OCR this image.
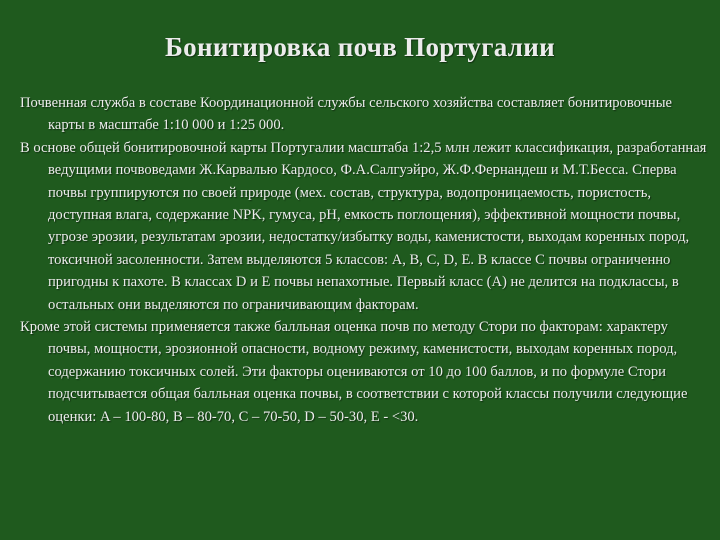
Бонитировка почв Португалии

Почвенная служба в составе Координационной службы сельского хозяйства составляет бонитировочные карты в масштабе 1:10 000 и 1:25 000.

В основе общей бонитировочной карты Португалии масштаба 1:2,5 млн лежит классификация, разработанная ведущими почвоведами Ж.Карвалью Кардосо, Ф.А.Салгуэйро, Ж.Ф.Фернандеш и М.Т.Бесса. Сперва почвы группируются по своей природе (мех. состав, структура, водопроницаемость, пористость, доступная влага, содержание NPK, гумуса, pH, емкость поглощения), эффективной мощности почвы, угрозе эрозии, результатам эрозии, недостатку/избытку воды, каменистости, выходам коренных пород, токсичной засоленности. Затем выделяются 5 классов: A, B, C, D, E. В классе C почвы ограниченно пригодны к пахоте. В классах D и E почвы непахотные. Первый класс (A) не делится на подклассы, в остальных они выделяются по ограничивающим факторам.

Кроме этой системы применяется также балльная оценка почв по методу Стори по факторам: характеру почвы, мощности, эрозионной опасности, водному режиму, каменистости, выходам коренных пород, содержанию токсичных солей. Эти факторы оцениваются от 10 до 100 баллов, и по формуле Стори подсчитывается общая балльная оценка почвы, в соответствии с которой классы получили следующие оценки: A – 100-80, B – 80-70, C – 70-50, D – 50-30, E - <30.
